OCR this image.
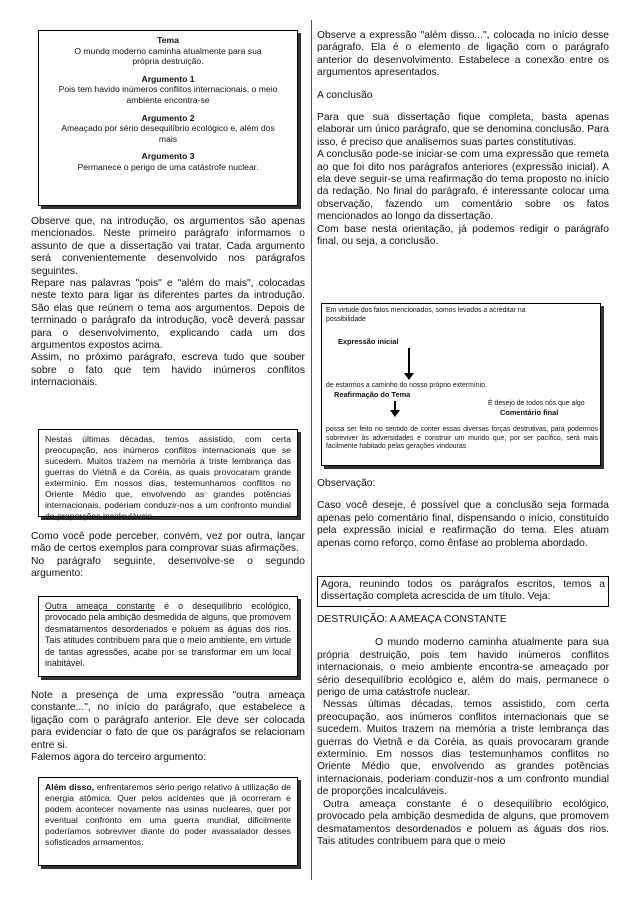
Tema
O mundo moderno caminha atualmente para sua própria destruição.
Argumento 1
Pois tem havido inúmeros conflitos internacionais, o meio ambiente encontra-se
Argumento 2
Ameaçado por sério desequilíbrio ecológico e, além dos mais
Argumento 3
Permanece o perigo de uma catástrofe nuclear.

Observe que, na introdução, os argumentos são apenas mencionados. Neste primeiro parágrafo informamos o assunto de que a dissertação vai tratar. Cada argumento será convenientemente desenvolvido nos parágrafos seguintes.

Repare nas palavras "pois" e "além do mais", colocadas neste texto para ligar as diferentes partes da introdução. São elas que reúnem o tema aos argumentos. Depois de terminado o parágrafo da introdução, você deverá passar para o desenvolvimento, explicando cada um dos argumentos expostos acima.

Assim, no próximo parágrafo, escreva tudo que souber sobre o fato que tem havido inúmeros conflitos internacionais.

Nestas últimas décadas, temos assistido, com certa preocupação, aos inúmeros conflitos internacionais que se sucedem. Muitos trazem na memória a triste lembrança das guerras do Vietnã e da Coréia, as quais provocaram grande extermínio. Em nossos dias, testemunhamos conflitos no Oriente Médio que, envolvendo as grandes potências internacionais, poderiam conduzir-nos a um confronto mundial de proporções incalculáveis.

Como você pode perceber, convém, vez por outra, lançar mão de certos exemplos para comprovar suas afirmações.

No parágrafo seguinte, desenvolve-se o segundo argumento:

Outra ameaça constante é o desequilíbrio ecológico, provocado pela ambição desmedida de alguns, que promovem desmatamentos desordenados e poluem as águas dos rios. Tais atitudes contribuem para que o meio ambiente, em virtude de tantas agressões, acabe por se transformar em um local inabitável.

Note a presença de uma expressão "outra ameaça constante...", no início do parágrafo, que estabelece a ligação com o parágrafo anterior. Ele deve ser colocada para evidenciar o fato de que os parágrafos se relacionam entre si.

Falemos agora do terceiro argumento:

Além disso, enfrentaremos sério perigo relativo à utilização de energia atômica. Quer pelos acidentes que já ocorreram e podem acontecer novamente nas usinas nucleares, quer por eventual confronto em uma guerra mundial, dificilmente poderíamos sobreviver diante do poder avassalador desses sofisticados armamentos.

Observe a expressão "além disso...", colocada no início desse parágrafo. Ela é o elemento de ligação com o parágrafo anterior do desenvolvimento. Estabelece a conexão entre os argumentos apresentados.

A conclusão

Para que sua dissertação fique completa, basta apenas elaborar um único parágrafo, que se denomina conclusão. Para isso, é preciso que analisemos suas partes constitutivas.

A conclusão pode-se iniciar-se com uma expressão que remeta ao que foi dito nos parágrafos anteriores (expressão inicial). A ela deve seguir-se uma reafirmação do tema proposto no início da redação. No final do parágrafo, é interessante colocar uma observação, fazendo um comentário sobre os fatos mencionados ao longo da dissertação.

Com base nesta orientação, já podemos redigir o parágrafo final, ou seja, a conclusão.

Em virtude dos fatos mencionados, somos levados a acreditar na possibilidade
Expressão inicial
de estarmos a caminho do nosso próprio extermínio.
Reafirmação do Tema
É desejo de todos nós que algo
Comentário final
possa ser feito no sentido de conter essas diversas forças destrutivas, para podermos sobreviver às adversidades e construir um mundo que, por ser pacífico, será mais facilmente habitado pelas gerações vindouras

Observação:

Caso você deseje, é possível que a conclusão seja formada apenas pelo comentário final, dispensando o início, constituído pela expressão inicial e reafirmação do tema. Eles atuam apenas como reforço, como ênfase ao problema abordado.

Agora, reunindo todos os parágrafos escritos, temos a dissertação completa acrescida de um título. Veja:

DESTRUIÇÃO: A AMEAÇA CONSTANTE

O mundo moderno caminha atualmente para sua própria destruição, pois tem havido inúmeros conflitos internacionais, o meio ambiente encontra-se ameaçado por sério desequilíbrio ecológico e, além do mais, permanece o perigo de uma catástrofe nuclear.

Nessas últimas décadas, temos assistido, com certa preocupação, aos inúmeros conflitos internacionais que se sucedem. Muitos trazem na memória a triste lembrança das guerras do Vietnã e da Coréia, as quais provocaram grande extermínio. Em nossos dias testemunhamos conflitos no Oriente Médio que, envolvendo as grandes potências internacionais, poderiam conduzir-nos a um confronto mundial de proporções incalculáveis.

Outra ameaça constante é o desequilíbrio ecológico, provocado pela ambição desmedida de alguns, que promovem desmatamentos desordenados e poluem as águas dos rios. Tais atitudes contribuem para que o meio
